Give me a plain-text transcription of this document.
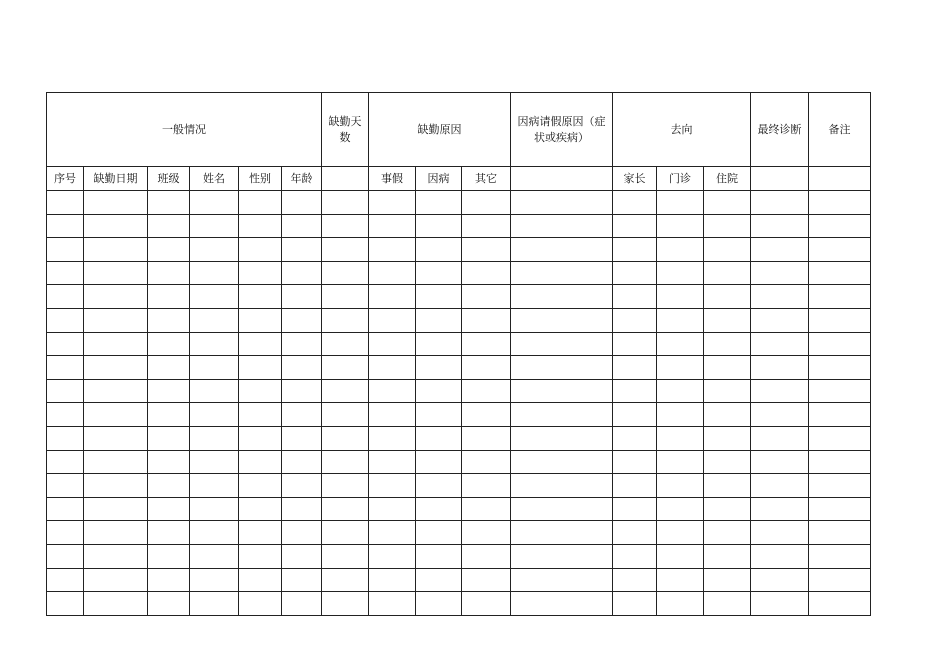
一般情况						缺勤天数	缺勤原因			因病请假原因（症状或疾病）	去向			最终诊断	备注
序号	缺勤日期	班级	姓名	性别	年龄		事假	因病	其它		家长	门诊	住院		
